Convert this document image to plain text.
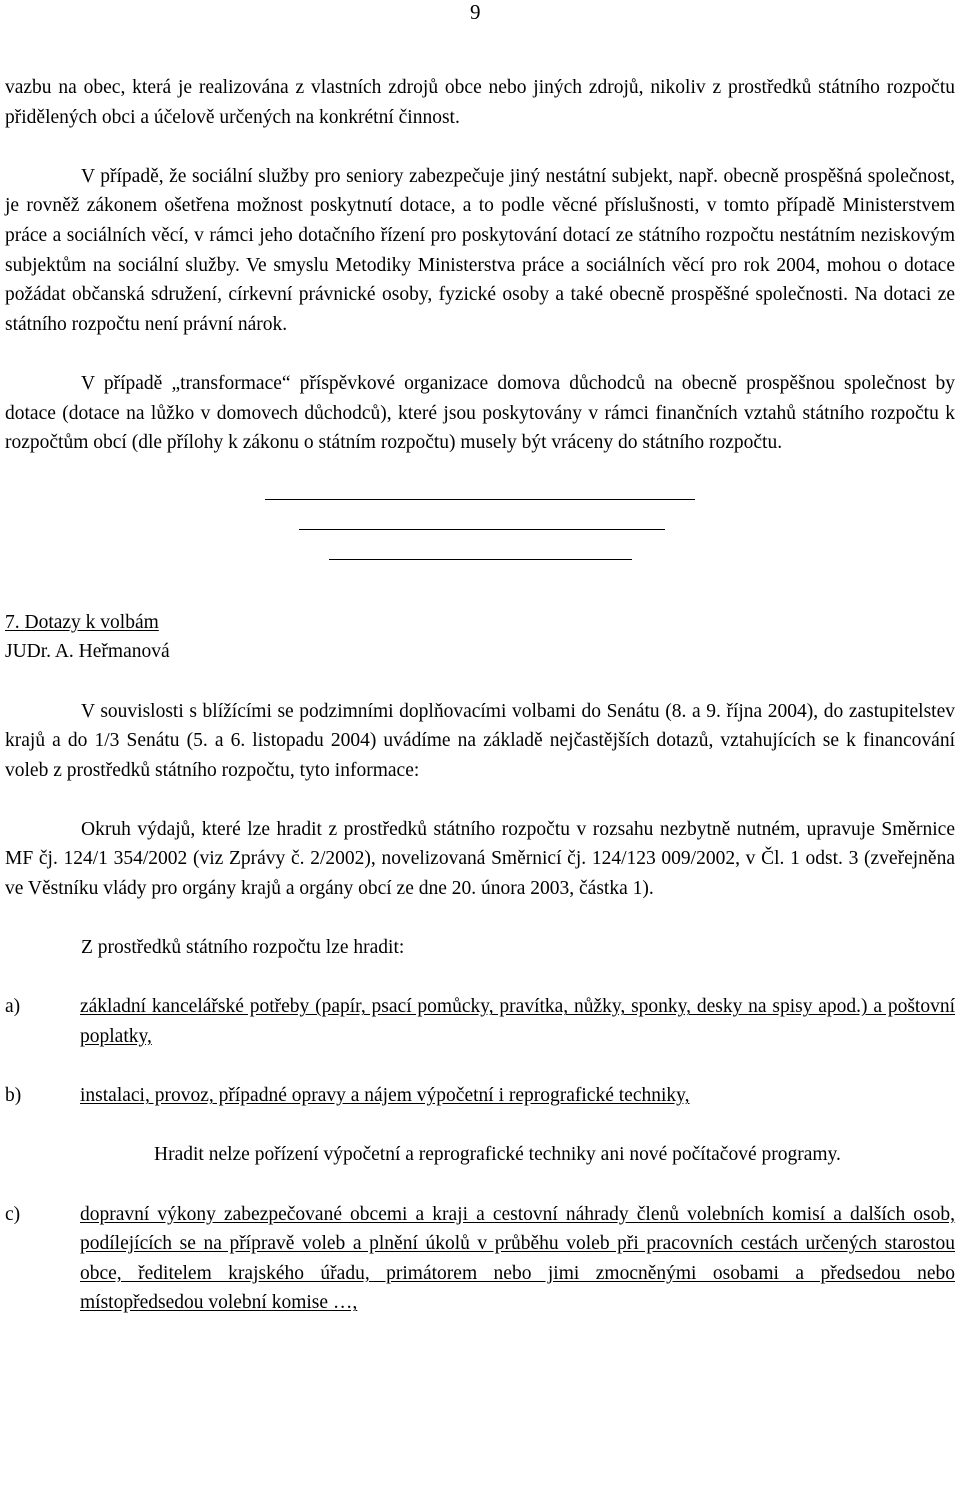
9

vazbu na obec, která je realizována z vlastních zdrojů obce nebo jiných zdrojů, nikoliv z prostředků státního rozpočtu přidělených obci a účelově určených na konkrétní činnost.

V případě, že sociální služby pro seniory zabezpečuje jiný nestátní subjekt, např. obecně prospěšná společnost, je rovněž zákonem ošetřena možnost poskytnutí dotace, a to podle věcné příslušnosti, v tomto případě Ministerstvem práce a sociálních věcí, v rámci jeho dotačního řízení pro poskytování dotací ze státního rozpočtu nestátním neziskovým subjektům na sociální služby. Ve smyslu Metodiky Ministerstva práce a sociálních věcí pro rok 2004, mohou o dotace požádat občanská sdružení, církevní právnické osoby, fyzické osoby a také obecně prospěšné společnosti. Na dotaci ze státního rozpočtu není právní nárok.

V případě „transformace“ příspěvkové organizace domova důchodců na obecně prospěšnou společnost by dotace (dotace na lůžko v domovech důchodců), které jsou poskytovány v rámci finančních vztahů státního rozpočtu k rozpočtům obcí (dle přílohy k zákonu o státním rozpočtu) musely být vráceny do státního rozpočtu.

7. Dotazy k volbám

JUDr. A. Heřmanová

V souvislosti s blížícími se podzimními doplňovacími volbami do Senátu (8. a 9. října 2004), do zastupitelstev krajů a do 1/3 Senátu (5. a 6. listopadu 2004) uvádíme na základě nejčastějších dotazů, vztahujících se k financování voleb z prostředků státního rozpočtu, tyto informace:

Okruh výdajů, které lze hradit z prostředků státního rozpočtu v rozsahu nezbytně nutném, upravuje Směrnice MF čj. 124/1 354/2002 (viz Zprávy č. 2/2002), novelizovaná Směrnicí čj. 124/123 009/2002, v Čl. 1 odst. 3 (zveřejněna ve Věstníku vlády pro orgány krajů a orgány obcí ze dne 20. února 2003, částka 1).

Z prostředků státního rozpočtu lze hradit:

a)	základní kancelářské potřeby (papír, psací pomůcky, pravítka, nůžky, sponky, desky na spisy apod.) a poštovní poplatky,
b)	instalaci, provoz, případné opravy a nájem výpočetní i reprografické techniky,

Hradit nelze pořízení výpočetní a reprografické techniky ani nové počítačové programy.

c)	dopravní výkony zabezpečované obcemi a kraji a cestovní náhrady členů volebních komisí a dalších osob, podílejících se na přípravě voleb a plnění úkolů v průběhu voleb při pracovních cestách určených starostou obce, ředitelem krajského úřadu, primátorem nebo jimi zmocněnými osobami a předsedou nebo místopředsedou volební komise …,
